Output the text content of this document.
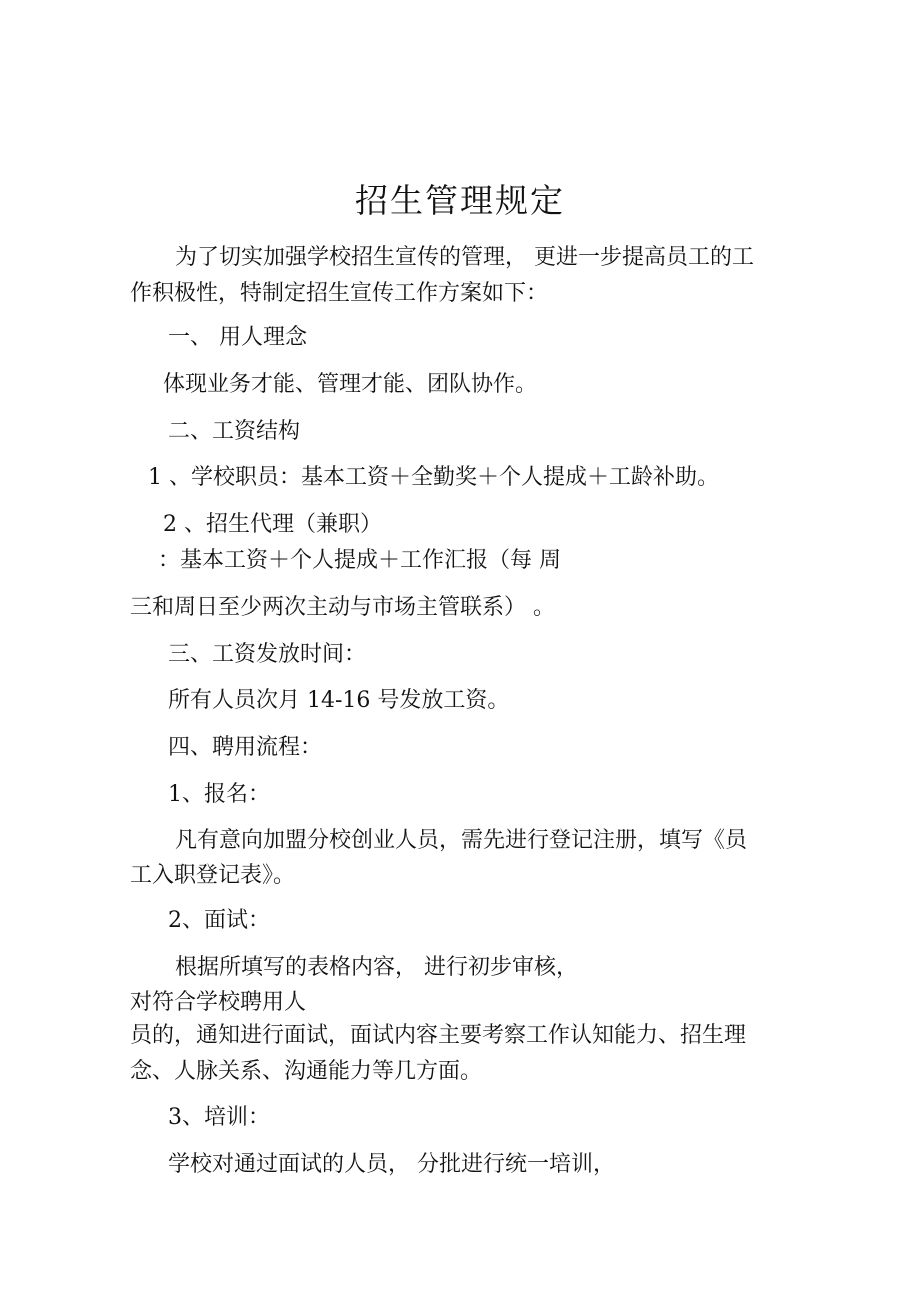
招生管理规定
为了切实加强学校招生宣传的管理， 更进一步提高员工的工
作积极性，特制定招生宣传工作方案如下：
一、 用人理念
体现业务才能、管理才能、团队协作。
二、工资结构
1 、学校职员：基本工资＋全勤奖＋个人提成＋工龄补助。
2 、招生代理（兼职）
：基本工资＋个人提成＋工作汇报（每 周
三和周日至少两次主动与市场主管联系） 。
三、工资发放时间：
所有人员次月 14-16 号发放工资。
四、聘用流程：
1、报名：
凡有意向加盟分校创业人员，需先进行登记注册，填写《员
工入职登记表》。
2、面试：
根据所填写的表格内容， 进行初步审核，
对符合学校聘用人
员的，通知进行面试，面试内容主要考察工作认知能力、招生理
念、人脉关系、沟通能力等几方面。
3、培训：
学校对通过面试的人员， 分批进行统一培训，
